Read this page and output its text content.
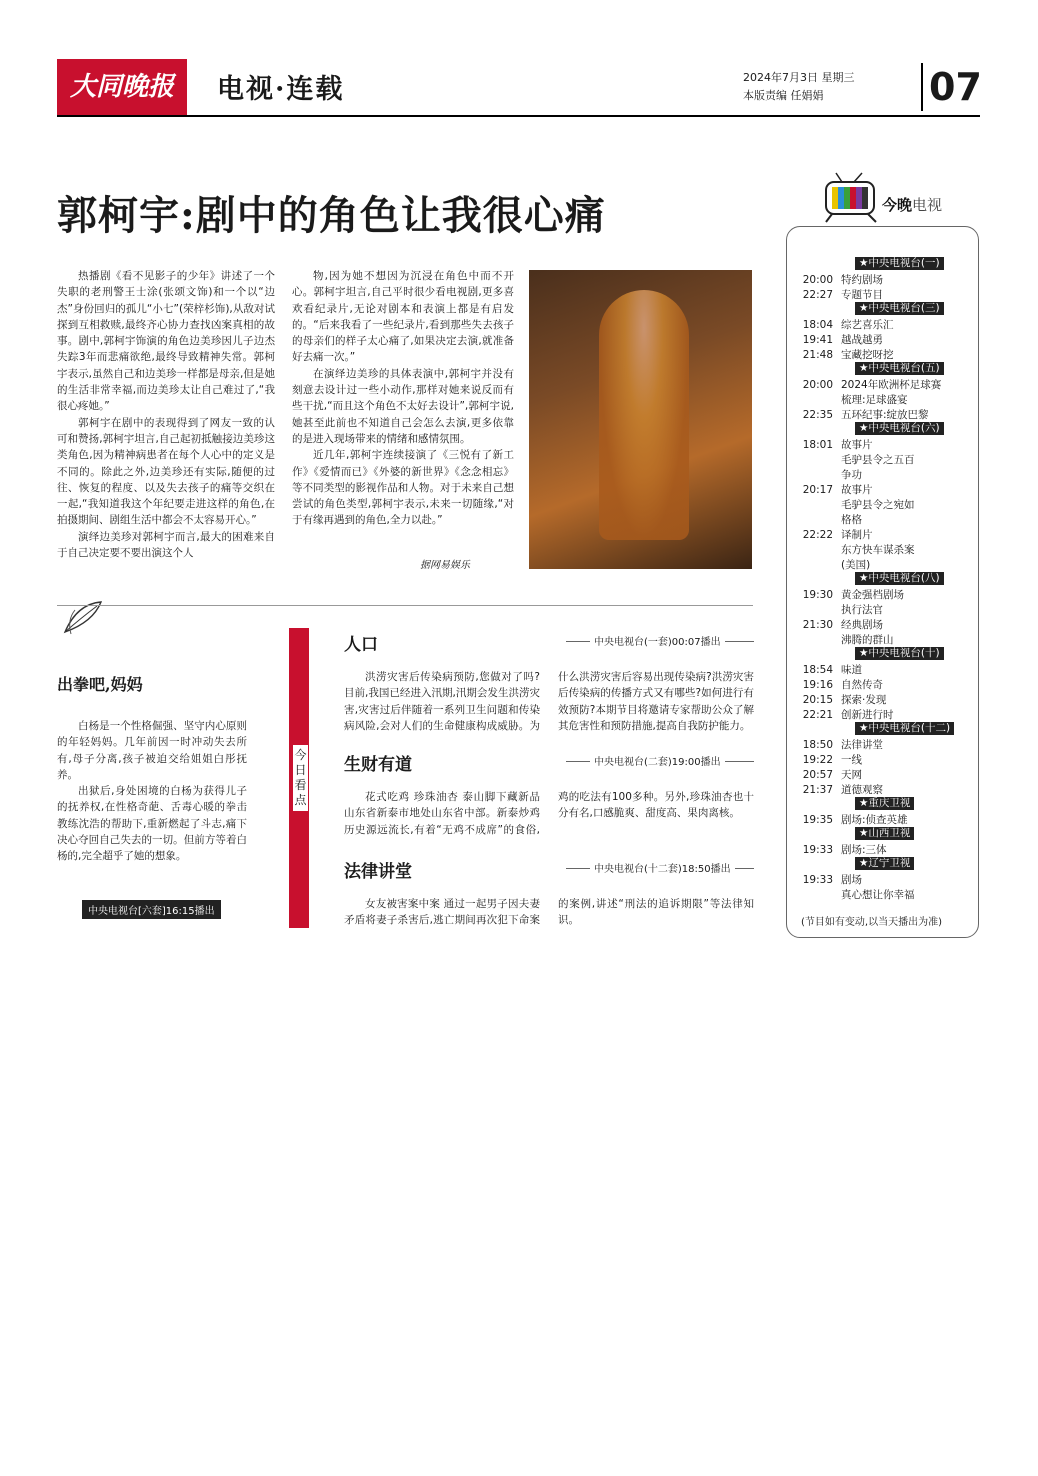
大同晚报	电视·连载	2024年7月3日 星期三
本版责编 任娟娟	07
郭柯宇:剧中的角色让我很心痛

热播剧《看不见影子的少年》讲述了一个失职的老刑警王士涂(张颂文饰)和一个以“边杰”身份回归的孤儿“小七”(荣梓杉饰),从敌对试探到互相救赎,最终齐心协力查找凶案真相的故事。剧中,郭柯宇饰演的角色边美珍因儿子边杰失踪3年而悲痛欲绝,最终导致精神失常。郭柯宇表示,虽然自己和边美珍一样都是母亲,但是她的生活非常幸福,而边美珍太让自己难过了,“我很心疼她。”

郭柯宇在剧中的表现得到了网友一致的认可和赞扬,郭柯宇坦言,自己起初抵触接边美珍这类角色,因为精神病患者在每个人心中的定义是不同的。除此之外,边美珍还有实际,随便的过往、恢复的程度、以及失去孩子的痛等交织在一起,“我知道我这个年纪要走进这样的角色,在拍摄期间、剧组生活中都会不太容易开心。”

演绎边美珍对郭柯宇而言,最大的困难来自于自己决定要不要出演这个人

物,因为她不想因为沉浸在角色中而不开心。郭柯宇坦言,自己平时很少看电视剧,更多喜欢看纪录片,无论对剧本和表演上都是有启发的。“后来我看了一些纪录片,看到那些失去孩子的母亲们的样子太心痛了,如果决定去演,就准备好去痛一次。”

在演绎边美珍的具体表演中,郭柯宇并没有刻意去设计过一些小动作,那样对她来说反而有些干扰,“而且这个角色不太好去设计”,郭柯宇说,她甚至此前也不知道自己会怎么去演,更多依靠的是进入现场带来的情绪和感情氛围。

近几年,郭柯宇连续接演了《三悦有了新工作》《爱情而已》《外婆的新世界》《念念相忘》等不同类型的影视作品和人物。对于未来自己想尝试的角色类型,郭柯宇表示,未来一切随缘,“对于有缘再遇到的角色,全力以赴。”

据网易娱乐
出拳吧,妈妈

白杨是一个性格倔强、坚守内心原则的年轻妈妈。几年前因一时冲动失去所有,母子分离,孩子被迫交给姐姐白彤抚养。

出狱后,身处困境的白杨为获得儿子的抚养权,在性格奇葩、舌毒心暖的拳击教练沈浩的帮助下,重新燃起了斗志,痛下决心夺回自己失去的一切。但前方等着白杨的,完全超乎了她的想象。

中央电视台[六套]16:15播出
今日看点
人口	中央电视台(一套)00:07播出

洪涝灾害后传染病预防,您做对了吗? 目前,我国已经进入汛期,汛期会发生洪涝灾害,灾害过后伴随着一系列卫生问题和传染病风险,会对人们的生命健康构成威胁。为什么洪涝灾害后容易出现传染病?洪涝灾害后传染病的传播方式又有哪些?如何进行有效预防?本期节目将邀请专家帮助公众了解其危害性和预防措施,提高自我防护能力。

生财有道	中央电视台(二套)19:00播出

花式吃鸡 珍珠油杏 泰山脚下藏新品 山东省新泰市地处山东省中部。新泰炒鸡历史源远流长,有着“无鸡不成席”的食俗,鸡的吃法有100多种。另外,珍珠油杏也十分有名,口感脆爽、甜度高、果肉离核。

法律讲堂	中央电视台(十二套)18:50播出

女友被害案中案 通过一起男子因夫妻矛盾将妻子杀害后,逃亡期间再次犯下命案的案例,讲述“刑法的追诉期限”等法律知识。

今晚电视
★中央电视台(一)
20:00 特约剧场
22:27 专题节目
★中央电视台(三)
18:04 综艺喜乐汇
19:41 越战越勇
21:48 宝藏挖呀挖
★中央电视台(五)
20:00 2024年欧洲杯足球赛
梳理:足球盛宴
22:35 五环纪事:绽放巴黎
★中央电视台(六)
18:01 故事片
毛驴县令之五百
争功
20:17 故事片
毛驴县令之宛如
格格
22:22 译制片
东方快车谋杀案
(美国)
★中央电视台(八)
19:30 黄金强档剧场
执行法官
21:30 经典剧场
沸腾的群山
★中央电视台(十)
18:54 味道
19:16 自然传奇
20:15 探索·发现
22:21 创新进行时
★中央电视台(十二)
18:50 法律讲堂
19:22 一线
20:57 天网
21:37 道德观察
★重庆卫视
19:35 剧场:侦查英雄
★山西卫视
19:33 剧场:三体
★辽宁卫视
19:33 剧场
真心想让你幸福
(节目如有变动,以当天播出为准)
